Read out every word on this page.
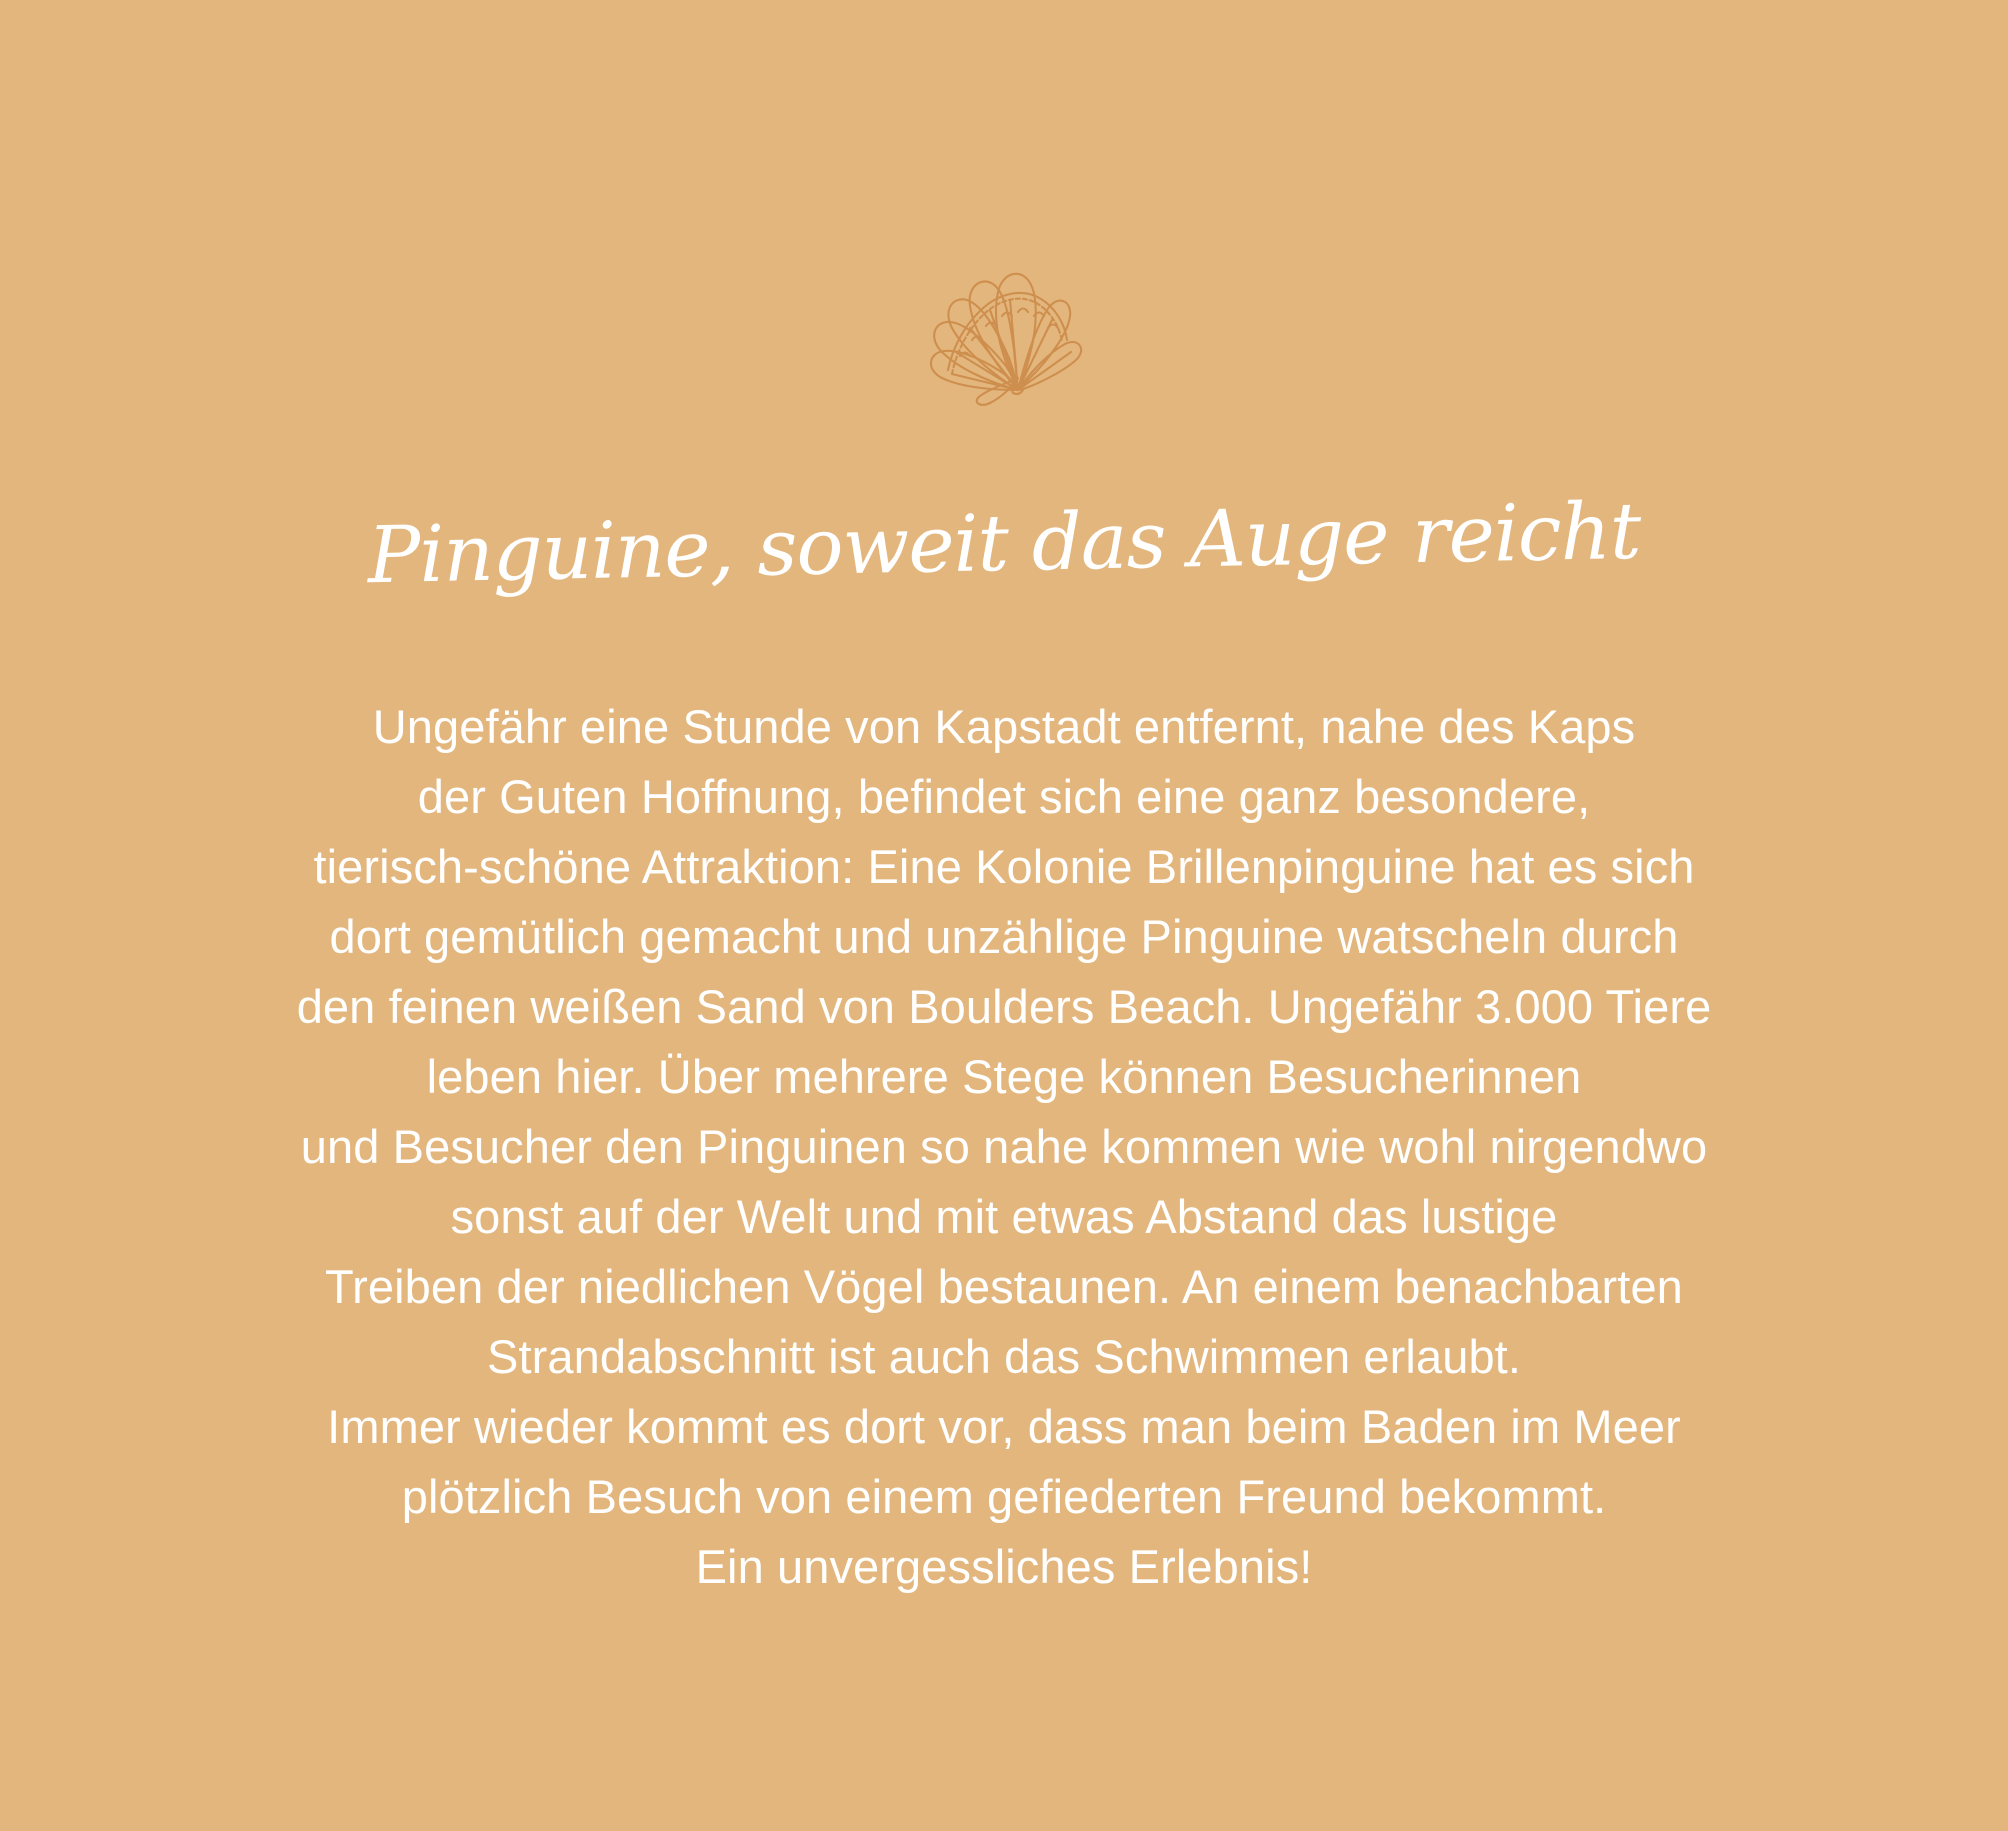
Pinguine, soweit das Auge reicht
Ungefähr eine Stunde von Kapstadt entfernt, nahe des Kaps
der Guten Hoffnung, befindet sich eine ganz besondere,
tierisch-schöne Attraktion: Eine Kolonie Brillenpinguine hat es sich
dort gemütlich gemacht und unzählige Pinguine watscheln durch
den feinen weißen Sand von Boulders Beach. Ungefähr 3.000 Tiere
leben hier. Über mehrere Stege können Besucherinnen
und Besucher den Pinguinen so nahe kommen wie wohl nirgendwo
sonst auf der Welt und mit etwas Abstand das lustige
Treiben der niedlichen Vögel bestaunen. An einem benachbarten
Strandabschnitt ist auch das Schwimmen erlaubt.
Immer wieder kommt es dort vor, dass man beim Baden im Meer
plötzlich Besuch von einem gefiederten Freund bekommt.
Ein unvergessliches Erlebnis!
